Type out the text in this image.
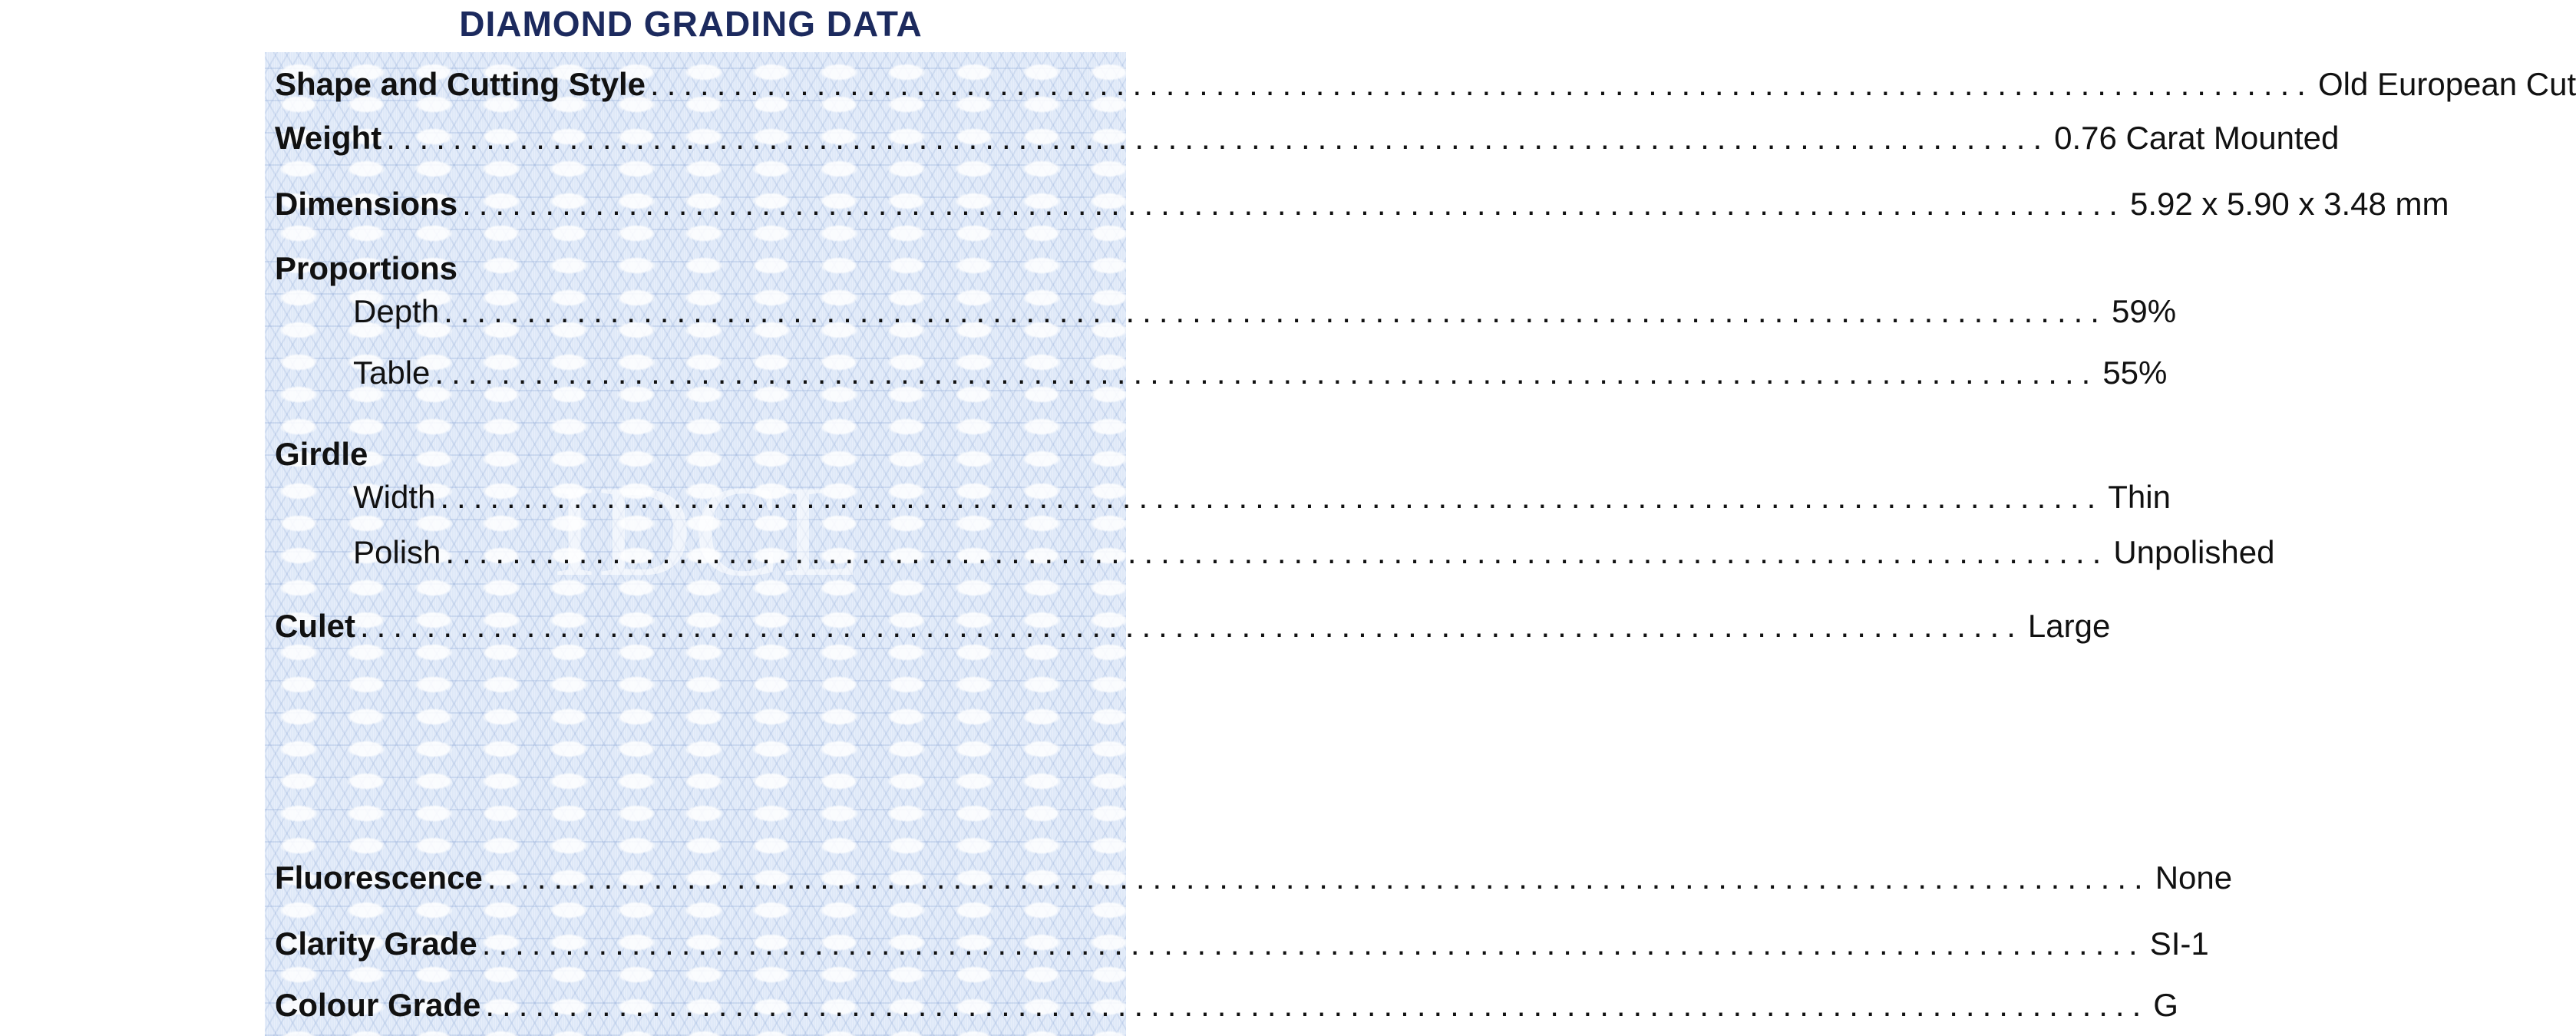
DIAMOND GRADING DATA
IDCL
Shape and Cutting Style .................................................................................................... Old European Cut
Weight .................................................................................................... 0.76 Carat Mounted
Dimensions .................................................................................................... 5.92 x 5.90 x 3.48 mm
Proportions
Depth .................................................................................................... 59%
Table .................................................................................................... 55%
Girdle
Width .................................................................................................... Thin
Polish .................................................................................................... Unpolished
Culet .................................................................................................... Large
Fluorescence .................................................................................................... None
Clarity Grade .................................................................................................... SI-1
Colour Grade .................................................................................................... G
